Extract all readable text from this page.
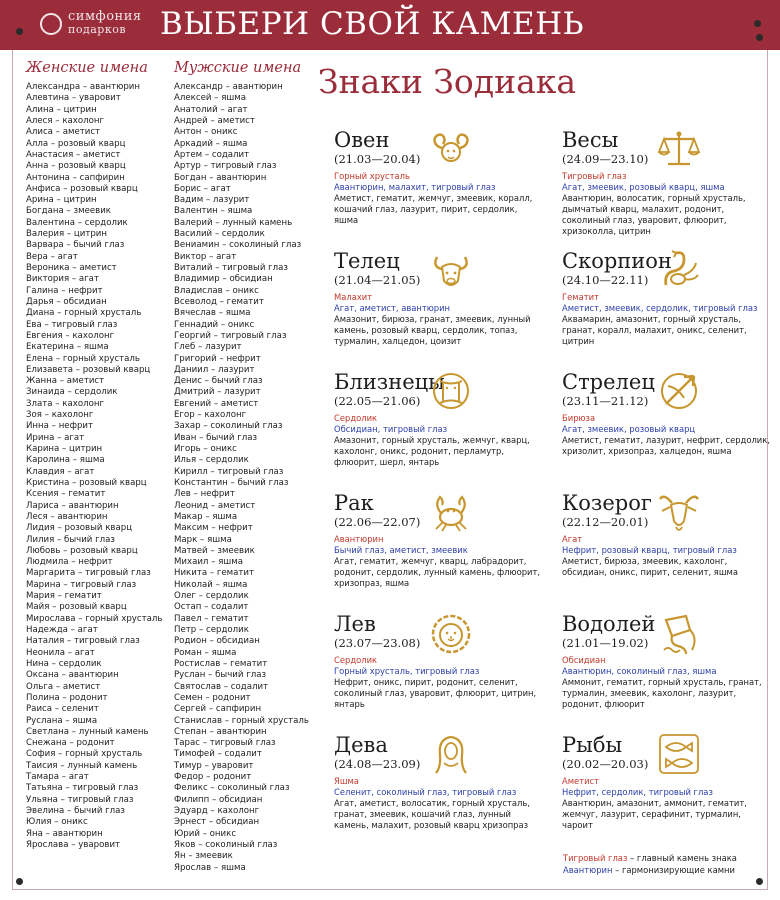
симфония
подарков	ВЫБЕРИ СВОЙ КАМЕНЬ
Женские имена
Александра – авантюрин
Алевтина – уваровит
Алина – цитрин
Алеся – кахолонг
Алиса – аметист
Алла – розовый кварц
Анастасия – аметист
Анна – розовый кварц
Антонина – сапфирин
Анфиса – розовый кварц
Арина – цитрин
Богдана – змеевик
Валентина – сердолик
Валерия – цитрин
Варвара – бычий глаз
Вера – агат
Вероника – аметист
Виктория – агат
Галина – нефрит
Дарья – обсидиан
Диана – горный хрусталь
Ева – тигровый глаз
Евгения – кахолонг
Екатерина – яшма
Елена – горный хрусталь
Елизавета – розовый кварц
Жанна – аметист
Зинаида – сердолик
Злата – кахолонг
Зоя – кахолонг
Инна – нефрит
Ирина – агат
Карина – цитрин
Каролина – яшма
Клавдия – агат
Кристина – розовый кварц
Ксения – гематит
Лариса – авантюрин
Леся – авантюрин
Лидия – розовый кварц
Лилия – бычий глаз
Любовь – розовый кварц
Людмила – нефрит
Маргарита – тигровый глаз
Марина – тигровый глаз
Мария – гематит
Майя – розовый кварц
Мирослава – горный хрусталь
Надежда – агат
Наталия – тигровый глаз
Неонила – агат
Нина – сердолик
Оксана – авантюрин
Ольга – аметист
Полина – родонит
Раиса – селенит
Руслана – яшма
Светлана – лунный камень
Снежана – родонит
София – горный хрусталь
Таисия – лунный камень
Тамара – агат
Татьяна – тигровый глаз
Ульяна – тигровый глаз
Эвелина – бычий глаз
Юлия – оникс
Яна – авантюрин
Ярослава – уваровит
Мужские имена
Александр – авантюрин
Алексей – яшма
Анатолий – агат
Андрей – аметист
Антон – оникс
Аркадий – яшма
Артем – содалит
Артур – тигровый глаз
Богдан – авантюрин
Борис – агат
Вадим – лазурит
Валентин – яшма
Валерий – лунный камень
Василий – сердолик
Вениамин – соколиный глаз
Виктор – агат
Виталий – тигровый глаз
Владимир – обсидиан
Владислав – оникс
Всеволод – гематит
Вячеслав – яшма
Геннадий – оникс
Георгий – тигровый глаз
Глеб – лазурит
Григорий – нефрит
Даниил – лазурит
Денис – бычий глаз
Дмитрий – лазурит
Евгений – аметист
Егор – кахолонг
Захар – соколиный глаз
Иван – бычий глаз
Игорь – оникс
Илья – сердолик
Кирилл – тигровый глаз
Константин – бычий глаз
Лев – нефрит
Леонид – аметист
Макар – яшма
Максим – нефрит
Марк – яшма
Матвей – змеевик
Михаил – яшма
Никита – гематит
Николай – яшма
Олег – сердолик
Остап – содалит
Павел – гематит
Петр – сердолик
Родион – обсидиан
Роман – яшма
Ростислав – гематит
Руслан – бычий глаз
Святослав – содалит
Семен – родонит
Сергей – сапфирин
Станислав – горный хрусталь
Степан – авантюрин
Тарас – тигровый глаз
Тимофей – содалит
Тимур – уваровит
Федор – родонит
Феликс – соколиный глаз
Филипп – обсидиан
Эдуард – кахолонг
Эрнест – обсидиан
Юрий – оникс
Яков – соколиный глаз
Ян – змеевик
Ярослав – яшма
Знаки Зодиака
Овен
(21.03—20.04)
Горный хрусталь
Авантюрин, малахит, тигровый глаз
Аметист, гематит, жемчуг, змеевик, коралл, кошачий глаз, лазурит, пирит, сердолик, яшма
Весы
(24.09—23.10)
Тигровый глаз
Агат, змеевик, розовый кварц, яшма
Авантюрин, волосатик, горный хрусталь, дымчатый кварц, малахит, родонит, соколиный глаз, уваровит, флюорит, хризоколла, цитрин
Телец
(21.04—21.05)
Малахит
Агат, аметист, авантюрин
Амазонит, бирюза, гранат, змеевик, лунный камень, розовый кварц, сердолик, топаз, турмалин, халцедон, цоизит
Скорпион
(24.10—22.11)
Гематит
Аметист, змеевик, сердолик, тигровый глаз
Аквамарин, амазонит, горный хрусталь, гранат, коралл, малахит, оникс, селенит, цитрин
Близнецы
(22.05—21.06)
Сердолик
Обсидиан, тигровый глаз
Амазонит, горный хрусталь, жемчуг, кварц, кахолонг, оникс, родонит, перламутр, флюорит, шерл, янтарь
Стрелец
(23.11—21.12)
Бирюза
Агат, змеевик, розовый кварц
Аметист, гематит, лазурит, нефрит, сердолик, хризолит, хризопраз, халцедон, яшма
Рак
(22.06—22.07)
Авантюрин
Бычий глаз, аметист, змеевик
Агат, гематит, жемчуг, кварц, лабрадорит, родонит, сердолик, лунный камень, флюорит, хризопраз, яшма
Козерог
(22.12—20.01)
Агат
Нефрит, розовый кварц, тигровый глаз
Аметист, бирюза, змеевик, кахолонг, обсидиан, оникс, пирит, селенит, яшма
Лев
(23.07—23.08)
Сердолик
Горный хрусталь, тигровый глаз
Нефрит, оникс, пирит, родонит, селенит, соколиный глаз, уваровит, флюорит, цитрин, янтарь
Водолей
(21.01—19.02)
Обсидиан
Авантюрин, соколиный глаз, яшма
Аммонит, гематит, горный хрусталь, гранат, турмалин, змеевик, кахолонг, лазурит, родонит, флюорит
Дева
(24.08—23.09)
Яшма
Селенит, соколиный глаз, тигровый глаз
Агат, аметист, волосатик, горный хрусталь, гранат, змеевик, кошачий глаз, лунный камень, малахит, розовый кварц хризопраз
Рыбы
(20.02—20.03)
Аметист
Нефрит, сердолик, тигровый глаз
Авантюрин, амазонит, аммонит, гематит, жемчуг, лазурит, серафинит, турмалин, чароит
Тигровый глаз – главный камень знака
Авантюрин – гармонизирующие камни
